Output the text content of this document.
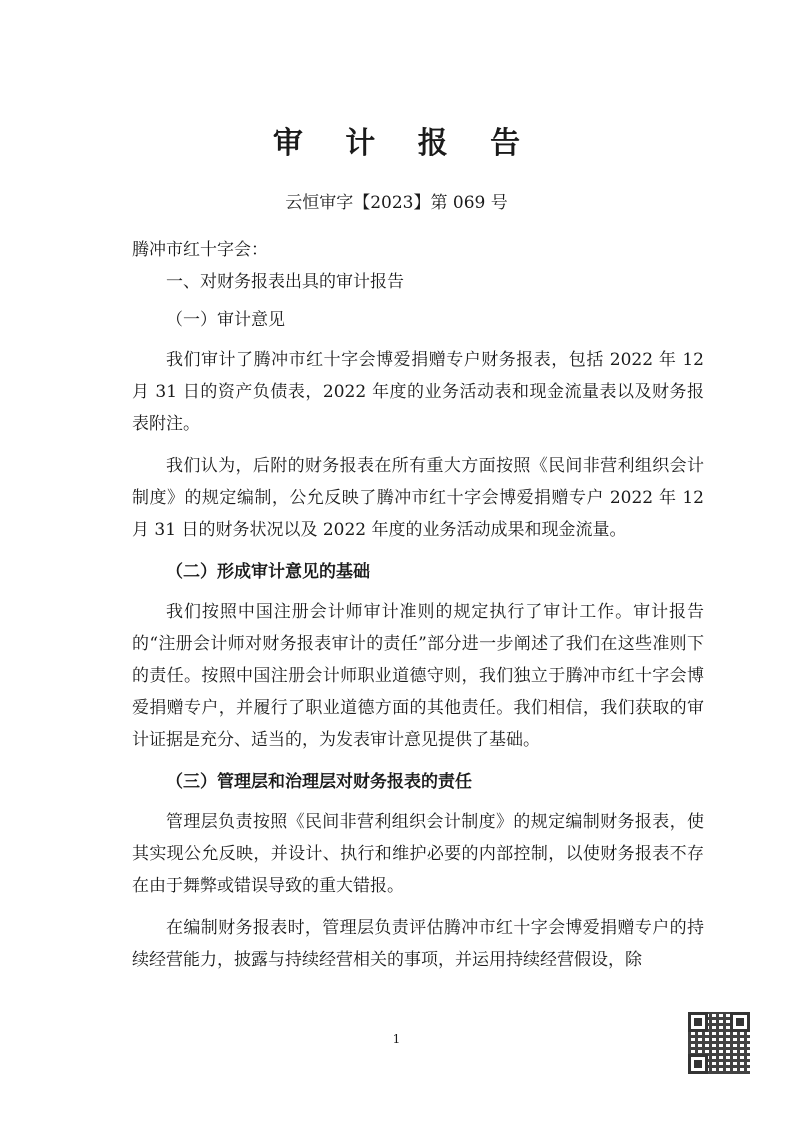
审 计 报 告
云恒审字【2023】第 069 号
腾冲市红十字会：
一、对财务报表出具的审计报告
（一）审计意见

我们审计了腾冲市红十字会博爱捐赠专户财务报表，包括 2022 年 12 月 31 日的资产负债表，2022 年度的业务活动表和现金流量表以及财务报表附注。

我们认为，后附的财务报表在所有重大方面按照《民间非营利组织会计制度》的规定编制，公允反映了腾冲市红十字会博爱捐赠专户 2022 年 12 月 31 日的财务状况以及 2022 年度的业务活动成果和现金流量。

（二）形成审计意见的基础

我们按照中国注册会计师审计准则的规定执行了审计工作。审计报告的“注册会计师对财务报表审计的责任”部分进一步阐述了我们在这些准则下的责任。按照中国注册会计师职业道德守则，我们独立于腾冲市红十字会博爱捐赠专户，并履行了职业道德方面的其他责任。我们相信，我们获取的审计证据是充分、适当的，为发表审计意见提供了基础。

（三）管理层和治理层对财务报表的责任

管理层负责按照《民间非营利组织会计制度》的规定编制财务报表，使其实现公允反映，并设计、执行和维护必要的内部控制，以使财务报表不存在由于舞弊或错误导致的重大错报。

在编制财务报表时，管理层负责评估腾冲市红十字会博爱捐赠专户的持续经营能力，披露与持续经营相关的事项，并运用持续经营假设，除

1
